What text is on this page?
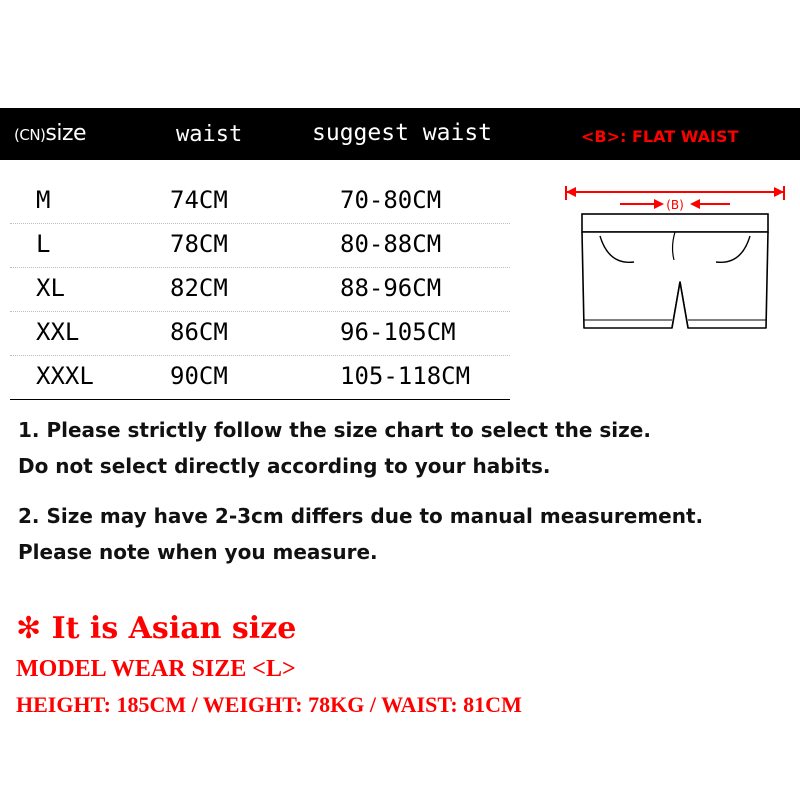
(CN)size	waist	suggest waist	<B>: FLAT WAIST
M	74CM	70-80CM
L	78CM	80-88CM
XL	82CM	88-96CM
XXL	86CM	96-105CM
XXXL	90CM	105-118CM
(B)
1. Please strictly follow the size chart to select the size.
Do not select directly according to your habits.
2. Size may have 2-3cm differs due to manual measurement.
Please note when you measure.
✻ It is Asian size
MODEL WEAR SIZE <L>
HEIGHT: 185CM / WEIGHT: 78KG / WAIST: 81CM
